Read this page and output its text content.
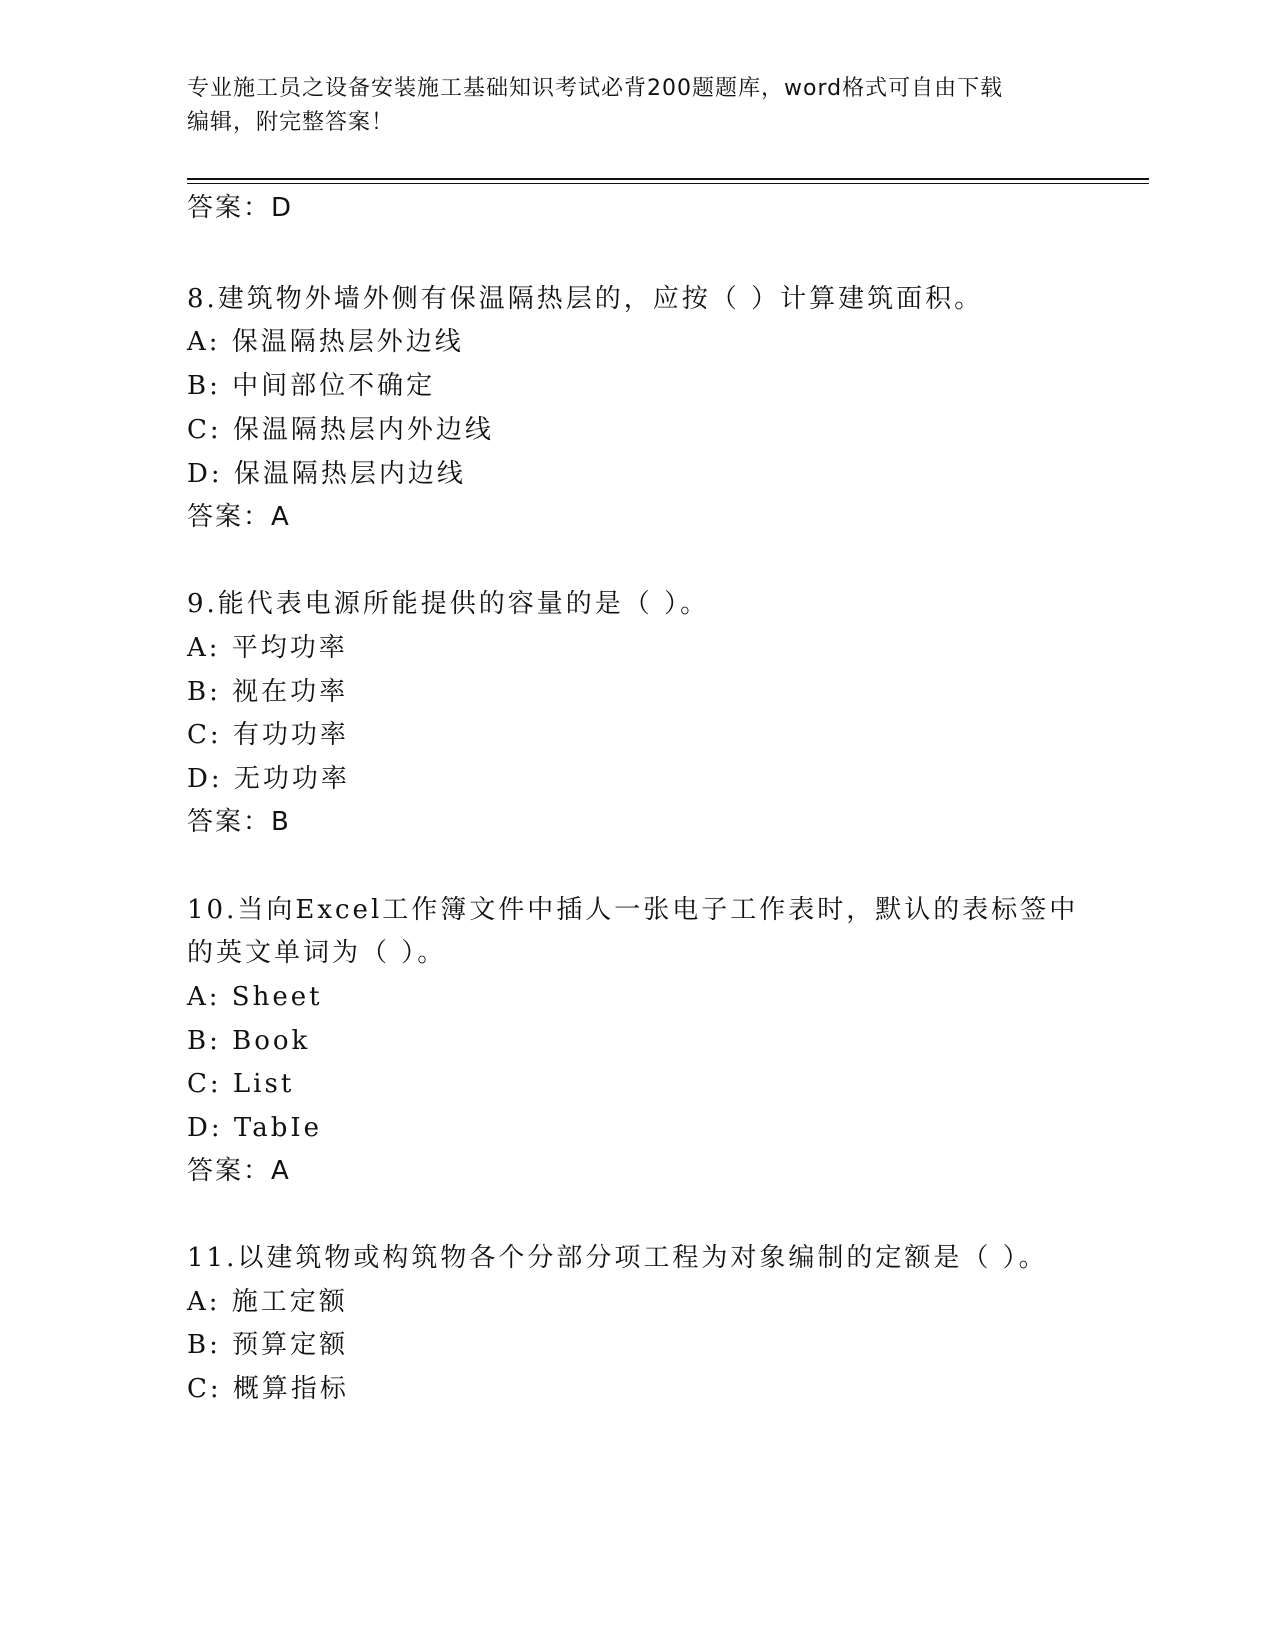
专业施工员之设备安装施工基础知识考试必背200题题库，word格式可自由下载
编辑，附完整答案！
答案：D
8.建筑物外墙外侧有保温隔热层的，应按（ ）计算建筑面积。
A: 保温隔热层外边线
B: 中间部位不确定
C: 保温隔热层内外边线
D: 保温隔热层内边线
答案：A
9.能代表电源所能提供的容量的是（ ）。
A: 平均功率
B: 视在功率
C: 有功功率
D: 无功功率
答案：B
10.当向Excel工作簿文件中插人一张电子工作表时，默认的表标签中
的英文单词为（ ）。
A: Sheet
B: Book
C: List
D: TabIe
答案：A
11.以建筑物或构筑物各个分部分项工程为对象编制的定额是（ ）。
A: 施工定额
B: 预算定额
C: 概算指标
